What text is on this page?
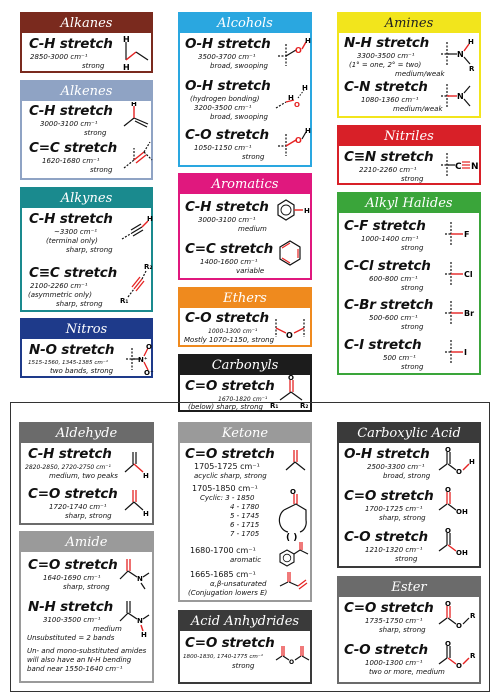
Alkanes
C-H stretch
2850-3000 cm⁻¹
strong
H
H
Alkenes
C-H stretch
3000-3100 cm⁻¹
strong
H
C=C stretch
1620-1680 cm⁻¹
strong
Alkynes
C-H stretch
~3300 cm⁻¹
(terminal only)
sharp, strong
H
C≡C stretch
2100-2260 cm⁻¹
(asymmetric only)
sharp, strong
R₂
R₁
Nitros
N-O stretch
1515-1560, 1345-1385 cm⁻¹
two bands, strong
N⁺
O
O⁻
Alcohols
O-H stretch
3500-3700 cm⁻¹
broad, swooping
O
H
O-H stretch
(hydrogen bonding)
3200-3500 cm⁻¹
broad, swooping
H
O
H
C-O stretch
1050-1150 cm⁻¹
strong
O
H
Aromatics
C-H stretch
3000-3100 cm⁻¹
medium
H
C=C stretch
1400-1600 cm⁻¹
variable
Ethers
C-O stretch
1000-1300 cm⁻¹
Mostly 1070-1150, strong O
Carbonyls
C=O stretch
1670-1820 cm⁻¹
(below) sharp, strong
O
R₁	R₂
Amines
N-H stretch
3300-3500 cm⁻¹
(1° = one, 2° = two)
medium/weak
N
H
R
C-N stretch
1080-1360 cm⁻¹
medium/weak
N
Nitriles
C≡N stretch
2210-2260 cm⁻¹
strong
C N
Alkyl Halides
C-F stretch
1000-1400 cm⁻¹
strong
C-Cl stretch
600-800 cm⁻¹
strong
C-Br stretch
500-600 cm⁻¹
strong
C-I stretch
500 cm⁻¹
strong
F
Cl
Br
I
Aldehyde
C-H stretch
2820-2850, 2720-2750 cm⁻¹
medium, two peaks	H
C=O stretch
1720-1740 cm⁻¹
sharp, strong	H
Amide
C=O stretch
1640-1690 cm⁻¹
sharp, strong
N
N-H stretch
3100-3500 cm⁻¹
medium
Unsubstituted = 2 bands
N
H
Un- and mono-substituted amides will also have an N-H bending band near 1550-1640 cm⁻¹
Ketone
C=O stretch
1705-1725 cm⁻¹
acyclic sharp, strong
1705-1850 cm⁻¹
Cyclic: 3 - 1850
4 - 1780
5 - 1745
6 - 1715
7 - 1705
O
( )
1680-1700 cm⁻¹
aromatic
1665-1685 cm⁻¹
α,β-unsaturated
(Conjugation lowers E)
Acid Anhydrides
C=O stretch
1800-1830, 1740-1775 cm⁻¹
strong	O
Carboxylic Acid
O-H stretch
2500-3300 cm⁻¹
broad, strong
O
O
H
C=O stretch
1700-1725 cm⁻¹
sharp, strong
O
OH
C-O stretch
1210-1320 cm⁻¹
strong
O
OH
Ester
C=O stretch
1735-1750 cm⁻¹
sharp, strong
O
O
R
C-O stretch
1000-1300 cm⁻¹
two or more, medium
O
O
R
